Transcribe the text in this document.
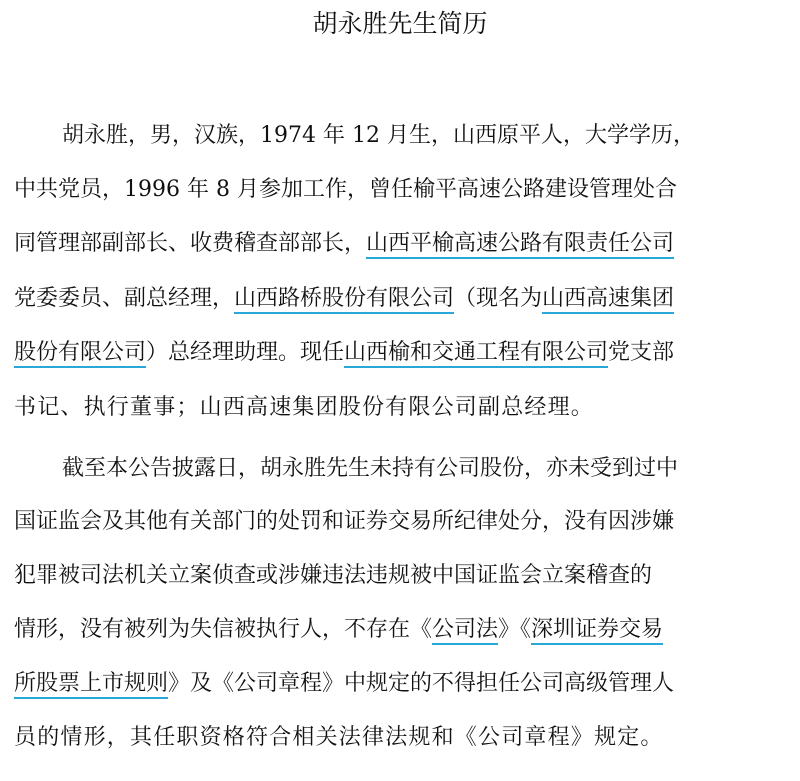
胡永胜先生简历
胡永胜，男，汉族，1974 年 12 月生，山西原平人，大学学历，
中共党员，1996 年 8 月参加工作，曾任榆平高速公路建设管理处合
同管理部副部长、收费稽查部部长，山西平榆高速公路有限责任公司
党委委员、副总经理，山西路桥股份有限公司（现名为山西高速集团
股份有限公司）总经理助理。现任山西榆和交通工程有限公司党支部
书记、执行董事；山西高速集团股份有限公司副总经理。
截至本公告披露日，胡永胜先生未持有公司股份，亦未受到过中
国证监会及其他有关部门的处罚和证券交易所纪律处分，没有因涉嫌
犯罪被司法机关立案侦查或涉嫌违法违规被中国证监会立案稽查的
情形，没有被列为失信被执行人，不存在《公司法》《深圳证券交易
所股票上市规则》及《公司章程》中规定的不得担任公司高级管理人
员的情形，其任职资格符合相关法律法规和《公司章程》规定。
